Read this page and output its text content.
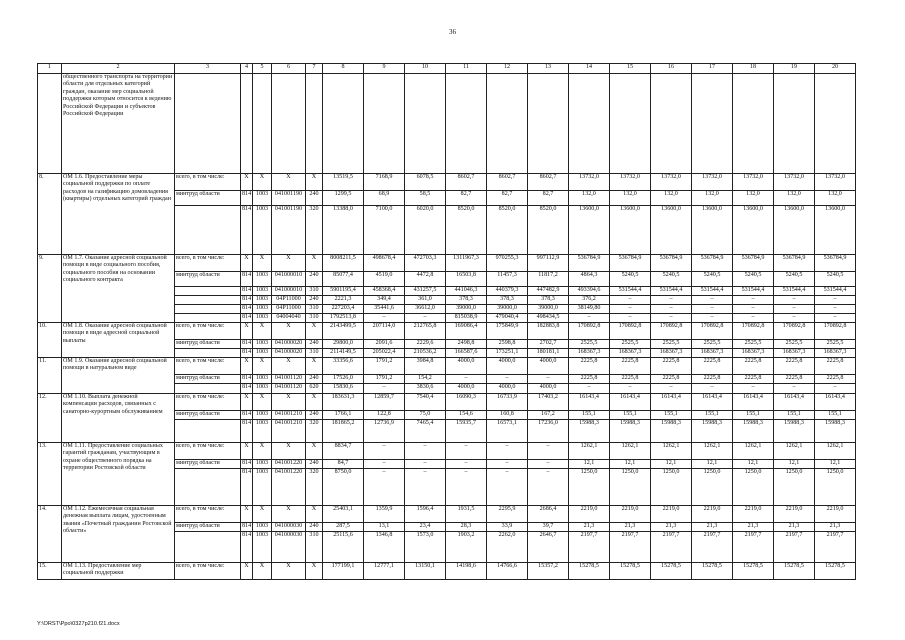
36
1	2	3	4	5	6	7	8	9	10	11	12	13	14	15	16	17	18	19	20
	общественного транспорта на территории области для отдельных категорий граждан, оказание мер социальной поддержки которым относится к ведению Российской Федерации и субъектов Российской Федерации																		
8.	ОМ 1.6. Предоставление меры социальной поддержки по оплате расходов на газификацию домовладения (квартиры) отдельных категорий граждан	всего, в том числе:	X	X	X	X	13519,5	7168,9	6078,5	8602,7	8602,7	8602,7	13732,0	13732,0	13732,0	13732,0	13732,0	13732,0	13732,0
		минтруд области	814	1003	041001190	240	1299,5	68,9	58,5	82,7	82,7	82,7	132,0	132,0	132,0	132,0	132,0	132,0	132,0
			814	1003	041001190	320	13388,0	7100,0	6020,0	8520,0	8520,0	8520,0	13600,0	13600,0	13600,0	13600,0	13600,0	13600,0	13600,0
9.	ОМ 1.7. Оказание адресной социальной помощи в виде социального пособия, социального пособия на основании социального контракта	всего, в том числе:	X	X	X	X	8008211,5	498678,4	472703,3	1311967,3	970255,3	997112,9	536784,9	536784,9	536784,9	536784,9	536784,9	536784,9	536784,9
		минтруд области	814	1003	041000010	240	85077,4	4519,0	4472,8	16503,8	11457,3	11817,2	4864,3	5240,5	5240,5	5240,5	5240,5	5240,5	5240,5
			814	1003	041000010	310	5901195,4	458368,4	431257,5	441046,3	440379,3	447482,9	493394,6	531544,4	531544,4	531544,4	531544,4	531544,4	531544,4
			814	1003	04Р11000	240	2221,3	349,4	361,0	378,3	378,3	378,3	376,2	–	–	–	–	–	–
			814	1003	04Р11000	310	227203,4	35441,6	36612,0	39000,0	39000,0	39000,0	38149,80	–	–	–	–	–	–
			814	1003	04004040	310	1792513,8	–	–	815038,9	479040,4	498434,5	–	–	–	–	–	–	–
10.	ОМ 1.8. Оказание адресной социальной помощи в виде адресной социальной выплаты	всего, в том числе:	X	X	X	X	2143499,5	207114,0	212765,8	169086,4	175849,9	182883,8	170892,8	170892,8	170892,8	170892,8	170892,8	170892,8	170892,8
		минтруд области	814	1003	041000020	240	29800,0	2091,6	2229,6	2498,8	2598,8	2702,7	2525,5	2525,5	2525,5	2525,5	2525,5	2525,5	2525,5
			814	1003	041000020	310	2114149,5	205022,4	210536,2	166587,6	173251,1	180181,1	168367,3	168367,3	168367,3	168367,3	168367,3	168367,3	168367,3
11.	ОМ 1.9. Оказание адресной социальной помощи в натуральном виде	всего, в том числе:	X	X	X	X	33356,6	1791,2	3984,8	4000,0	4000,0	4000,0	2225,8	2225,8	2225,8	2225,8	2225,8	2225,8	2225,8
		минтруд области	814	1003	041001120	240	17526,0	1791,2	154,2	–	–	–	2225,8	2225,8	2225,8	2225,8	2225,8	2225,8	2225,8
			814	1003	041001120	620	15830,6	–	3830,6	4000,0	4000,0	4000,0	–	–	–	–	–	–	–
12.	ОМ 1.10. Выплата денежной компенсации расходов, связанных с санаторно-курортным обслуживанием	всего, в том числе:	X	X	X	X	183631,3	12859,7	7540,4	16090,3	16733,9	17403,2	16143,4	16143,4	16143,4	16143,4	16143,4	16143,4	16143,4
		минтруд области	814	1003	041001210	240	1766,1	122,8	75,0	154,6	160,8	167,2	155,1	155,1	155,1	155,1	155,1	155,1	155,1
			814	1003	041001210	320	181865,2	12736,9	7465,4	15935,7	16573,1	17236,0	15988,3	15988,3	15988,3	15988,3	15988,3	15988,3	15988,3
13.	ОМ 1.11. Предоставление социальных гарантий гражданам, участвующим в охране общественного порядка на территории Ростовской области	всего, в том числе:	X	X	X	X	8834,7	–	–	–	–	–	1262,1	1262,1	1262,1	1262,1	1262,1	1262,1	1262,1
		минтруд области	814	1003	041001220	240	84,7	–	–	–	–	–	12,1	12,1	12,1	12,1	12,1	12,1	12,1
			814	1003	041001220	320	8750,0	–	–	–	–	–	1250,0	1250,0	1250,0	1250,0	1250,0	1250,0	1250,0
14.	ОМ 1.12. Ежемесячная социальная денежная выплата лицам, удостоенным звания «Почетный гражданин Ростовской области»	всего, в том числе:	X	X	X	X	25403,1	1359,9	1596,4	1931,5	2295,9	2686,4	2219,0	2219,0	2219,0	2219,0	2219,0	2219,0	2219,0
		минтруд области	814	1003	041000030	240	287,5	13,1	23,4	28,3	33,9	39,7	21,3	21,3	21,3	21,3	21,3	21,3	21,3
			814	1003	041000030	310	25115,6	1346,8	1573,0	1903,2	2262,0	2646,7	2197,7	2197,7	2197,7	2197,7	2197,7	2197,7	2197,7
15.	ОМ 1.13. Предоставление мер социальной поддержки	всего, в том числе:	X	X	X	X	177199,1	12777,1	13150,1	14198,6	14766,6	15357,2	15278,5	15278,5	15278,5	15278,5	15278,5	15278,5	15278,5
Y:\ORST\Ppo\0327p210.f21.docx
